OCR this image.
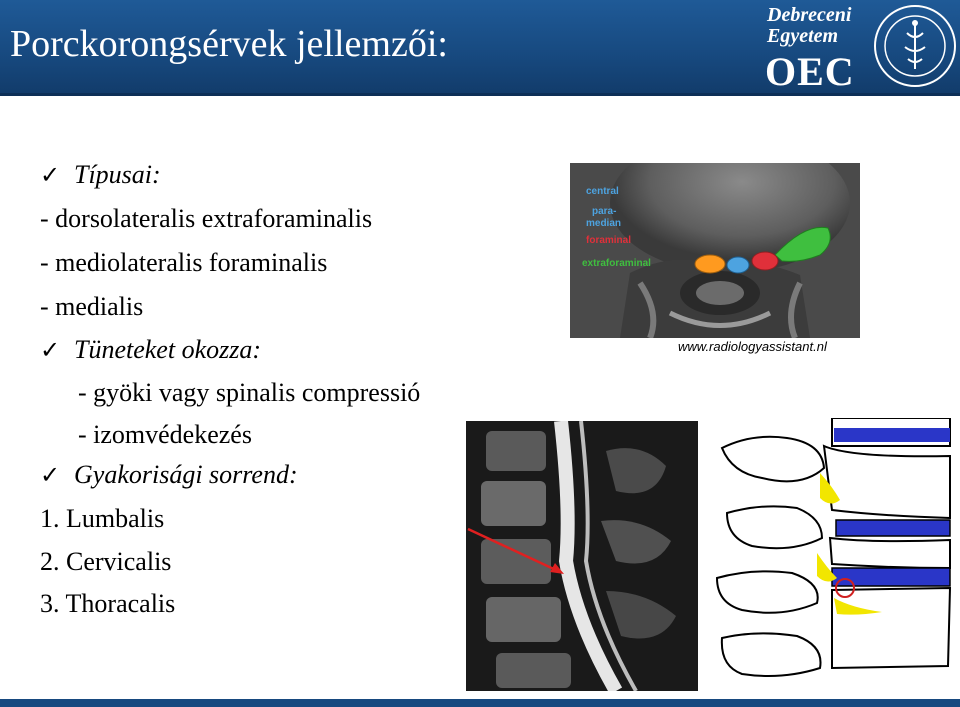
Porckorongsérvek jellemzői:
Debreceni
Egyetem
OEC
✓ Típusai:
- dorsolateralis extraforaminalis
- mediolateralis foraminalis
- medialis
✓ Tüneteket okozza:
- gyöki vagy spinalis compressió
- izomvédekezés
✓ Gyakorisági sorrend:
1. Lumbalis
2. Cervicalis
3. Thoracalis
central
para-
median
foraminal
extraforaminal
www.radiologyassistant.nl
